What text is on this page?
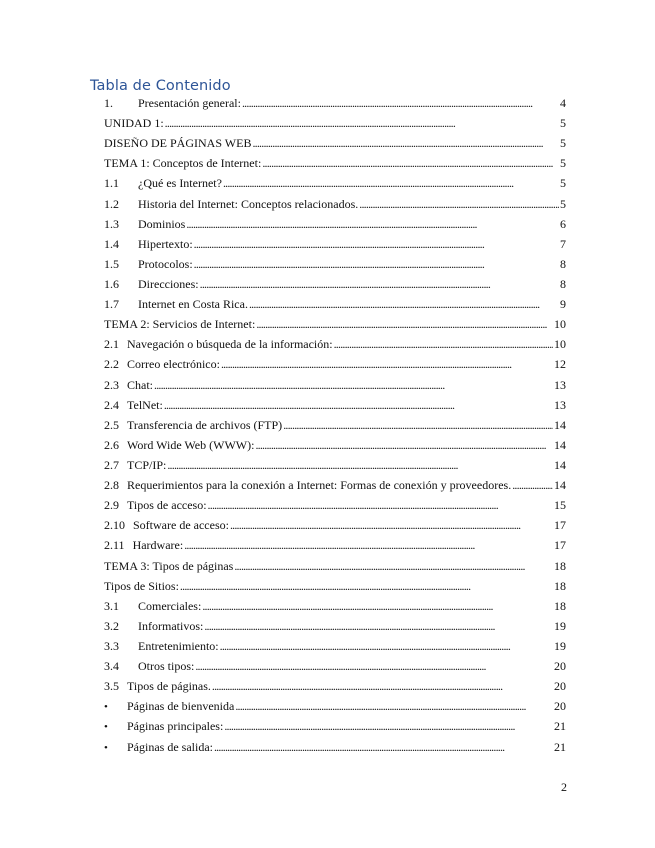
Tabla de Contenido
1.	Presentación general: . . .	4
UNIDAD 1: . . .	5
DISEÑO DE PÁGINAS WEB . . .	5
TEMA 1: Conceptos de Internet: . . .	5
1.1	¿Qué es Internet? . . .	5
1.2	Historia del Internet: Conceptos relacionados. . . .	5
1.3	Dominios . . .	6
1.4	Hipertexto: . . .	7
1.5	Protocolos: . . .	8
1.6	Direcciones: . . .	8
1.7	Internet en Costa Rica. . . .	9
TEMA 2: Servicios de Internet: . . .	10
2.1 Navegación o búsqueda de la información: . . .	10
2.2 Correo electrónico: . . .	12
2.3 Chat: . . .	13
2.4 TelNet: . . .	13
2.5 Transferencia de archivos (FTP) . . .	14
2.6 Word Wide Web (WWW): . . .	14
2.7 TCP/IP: . . .	14
2.8 Requerimientos para la conexión a Internet: Formas de conexión y proveedores. . . .	14
2.9 Tipos de acceso: . . .	15
2.10 Software de acceso: . . .	17
2.11 Hardware: . . .	17
TEMA 3: Tipos de páginas . . .	18
Tipos de Sitios: . . .	18
3.1	Comerciales: . . .	18
3.2	Informativos: . . .	19
3.3	Entretenimiento: . . .	19
3.4	Otros tipos: . . .	20
3.5 Tipos de páginas. . . .	20
•	Páginas de bienvenida . . .	20
•	Páginas principales: . . .	21
•	Páginas de salida: . . .	21
2
